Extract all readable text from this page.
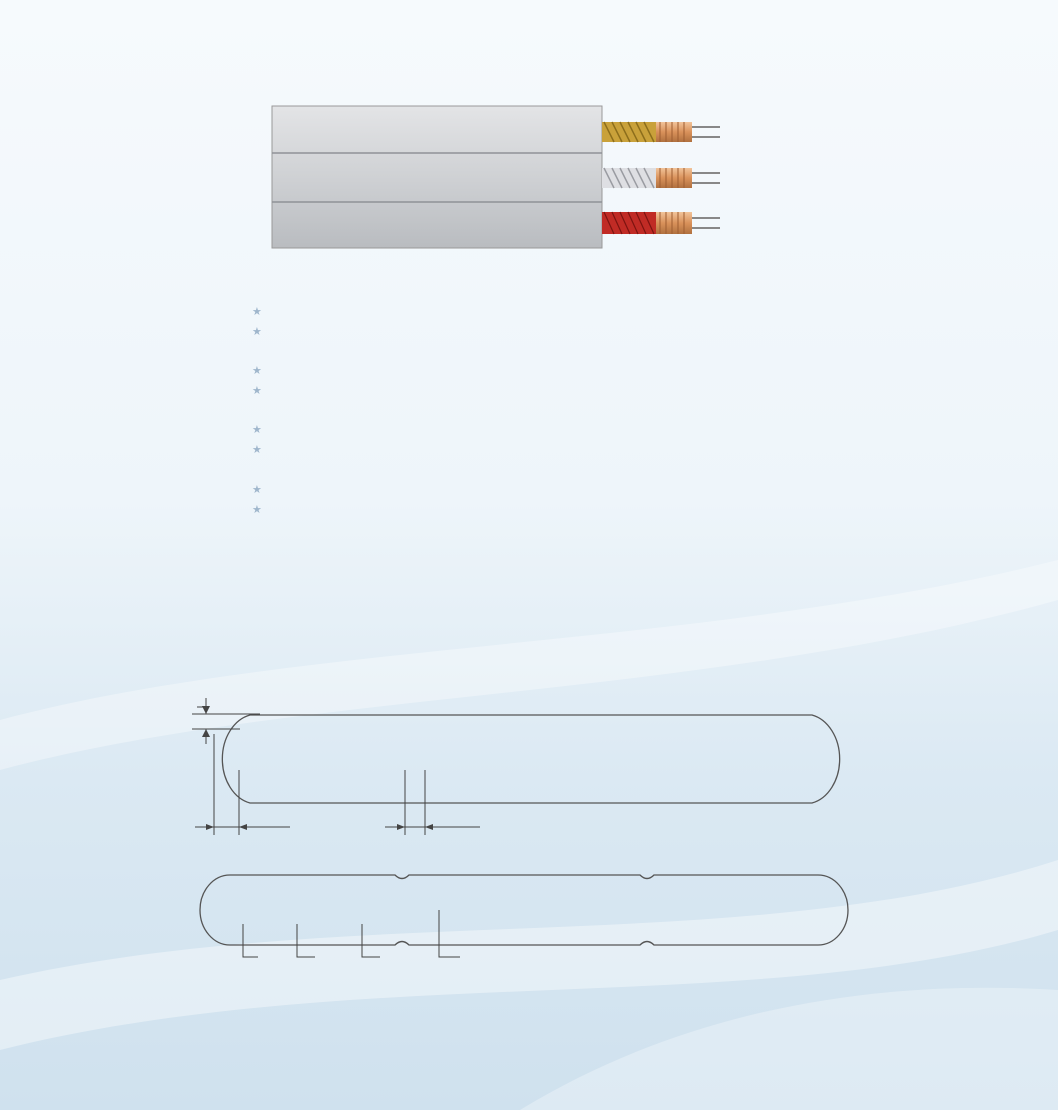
★
★
★
★
★
★
★
★
